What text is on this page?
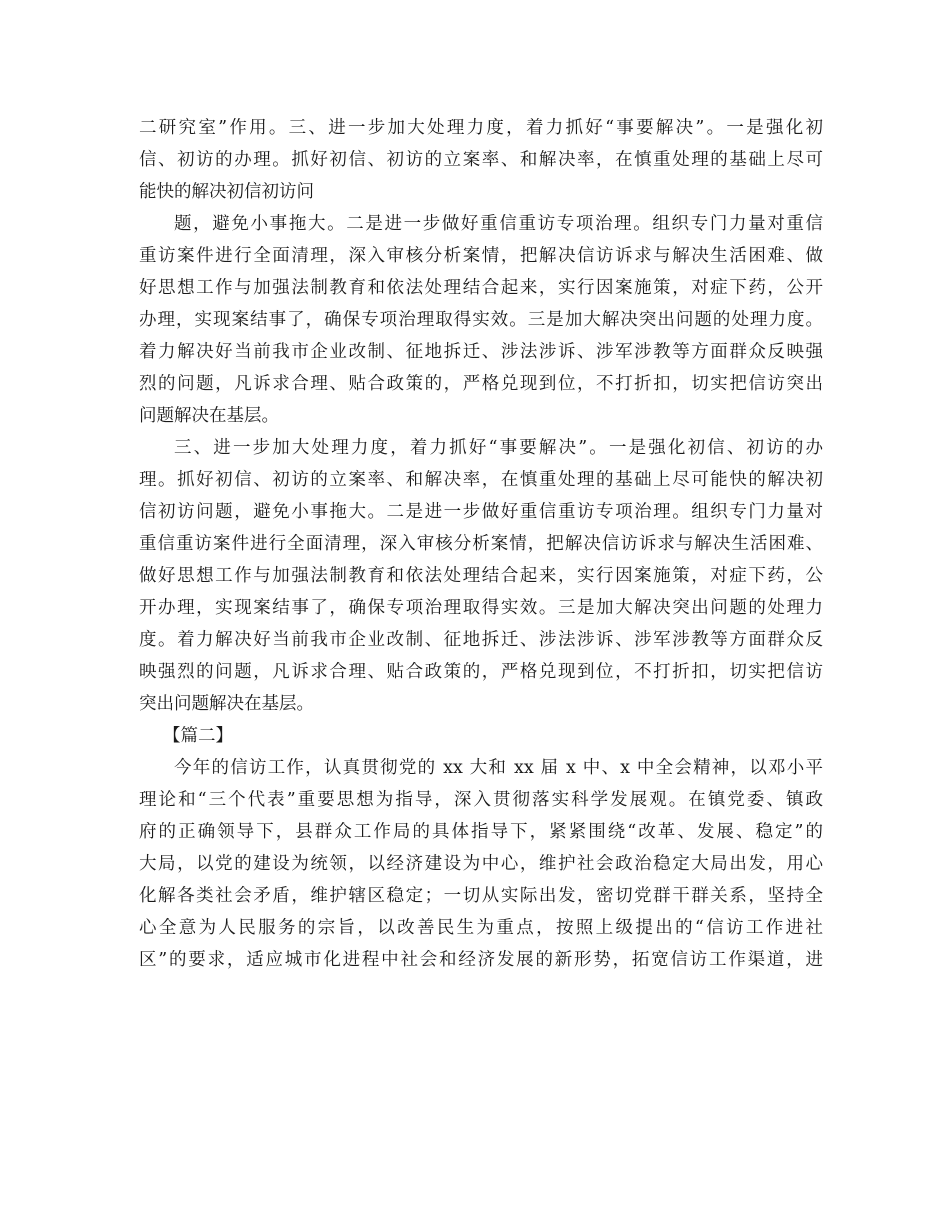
二研究室”作用。三、进一步加大处理力度，着力抓好“事要解决”。一是强化初
信、初访的办理。抓好初信、初访的立案率、和解决率，在慎重处理的基础上尽可
能快的解决初信初访问
题，避免小事拖大。二是进一步做好重信重访专项治理。组织专门力量对重信
重访案件进行全面清理，深入审核分析案情，把解决信访诉求与解决生活困难、做
好思想工作与加强法制教育和依法处理结合起来，实行因案施策，对症下药，公开
办理，实现案结事了，确保专项治理取得实效。三是加大解决突出问题的处理力度。
着力解决好当前我市企业改制、征地拆迁、涉法涉诉、涉军涉教等方面群众反映强
烈的问题，凡诉求合理、贴合政策的，严格兑现到位，不打折扣，切实把信访突出
问题解决在基层。
三、进一步加大处理力度，着力抓好“事要解决”。一是强化初信、初访的办
理。抓好初信、初访的立案率、和解决率，在慎重处理的基础上尽可能快的解决初
信初访问题，避免小事拖大。二是进一步做好重信重访专项治理。组织专门力量对
重信重访案件进行全面清理，深入审核分析案情，把解决信访诉求与解决生活困难、
做好思想工作与加强法制教育和依法处理结合起来，实行因案施策，对症下药，公
开办理，实现案结事了，确保专项治理取得实效。三是加大解决突出问题的处理力
度。着力解决好当前我市企业改制、征地拆迁、涉法涉诉、涉军涉教等方面群众反
映强烈的问题，凡诉求合理、贴合政策的，严格兑现到位，不打折扣，切实把信访
突出问题解决在基层。
【篇二】
今年的信访工作，认真贯彻党的 xx 大和 xx 届 x 中、x 中全会精神，以邓小平
理论和“三个代表”重要思想为指导，深入贯彻落实科学发展观。在镇党委、镇政
府的正确领导下，县群众工作局的具体指导下，紧紧围绕“改革、发展、稳定”的
大局，以党的建设为统领，以经济建设为中心，维护社会政治稳定大局出发，用心
化解各类社会矛盾，维护辖区稳定；一切从实际出发，密切党群干群关系，坚持全
心全意为人民服务的宗旨，以改善民生为重点，按照上级提出的“信访工作进社
区”的要求，适应城市化进程中社会和经济发展的新形势，拓宽信访工作渠道，进
